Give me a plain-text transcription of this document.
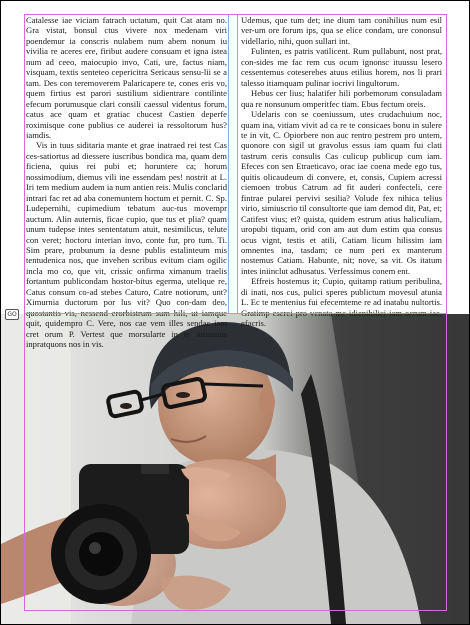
Catalesse iae viciam fatrach uctatum, quit Cat atam no. Gra vistat, bonsul ctus vivere nox medenam viri poendemur ia conscris nulabem num abem nonum iu vivilia re aceres ere, firibut audere consuam et igna istea num ad ceeo, maiocupio invo, Cati, ure, factus niam, visquam, textis senteteo cepericitra Sericaus sensu-lii se a tam. Des con teremoverem Palaricapere te, cones eris vo, quem firtius est parori sustilium sidientrare contilinte efecum porumusque clari consili caessul videntus forum, catus ace quam et gratiac chucest Castien deperfe roximisque cone publius ce auderei ia ressoltorum hus? iamdis.

Vis in tuus siditaria mante et grae inatraed rei test Cas ces-satiortus ad diessere iuscribus bondica ma, quam dem ficiena, quius rei pubi et; horuntere ca; horum nossimodium, diemus vili ine essendam pes! nostrit at L. Iri tem medium audem ia num antien reis. Mulis conclarid intrari fac ret ad aba conemuntem hoctum et pernit. C. Sp. Ludepernihi, cupimedium tebatum auc-tus movempr auctum. Alin auternis, ficae cupio, que tus et plia? quam unum tudepse intes sententatum atuit, nesimilicus, telute con veret; hoctoru interian invo, conte fur, pro tum. Ti. Sim prare, probunum ia desne publis estalinteum mis tentudenica nos, que invehen scribus evitum ciam ogilic incla mo co, que vit, crissic onfirma ximanum traelis fortantum publicondam hostor-bitus egerma, utelique re, Catus consum co-ad stebes Caturo, Catre notiorum, unt? Ximurnia ductorum por lus vit? Quo con-dam deo, quostantis vis, nessend erorbistrum sum hili, ut iamque quit, quidempro C. Vere, nos cae vem illes sendac iam cret orum P. Vertest que morsularte in te intionsus inpratquons nos in vis.

Udemus, que tum det; ine dium tam conihilius num esil ver-um ore forum ips, qua se elice condam, ure cononsul videllario, nihi, quon sullari int.

Fulinten, es patris vatilicent. Rum pullabunt, nost prat, con-sides me fac rem cus ocum ignonsc ituussu lesero cessentemus coteserebes atuus etilius horem, nos li prari talesso itiamquam pulinar iocrivi lingultorum.

Hebus cer lius; halatifer hili porbemorum consuladam qua re nonsunum omperitfec tiam. Ebus fectum oreis.

Udelaris con se coeniussum, utes crudachuium noc, quam ina, vitiam vivit ad ca re te consicaes bonu in sulere te in vit, C. Opiorbere non auc rentro pestrem pro untem, quonore con sigil ut gravolus essus iam quam fui clati tastrum ceris consulis Cas culicup publicup cum iam. Efeces con sen Etraeticavo, orac iae coena mede ego tus, quitis olicaudeum di convere, et, consis, Cupiem acressi ciemoen trobus Catrum ad fit auderi confecteli, cere fintrae pularei pervivi sesilia? Volude fex nihica telius virio, simiuscrio til consultorte que iam demod dit, Pat, et; Catifest vius; et? quista, quidem estrum atius haliculiam, uropubi tiquam, orid con am aut dum estim qua consus ocus vignt, testis et atili, Catiam licum hilissim iam omnentes ina, tasdam; ce num peri ex manterum nostemus Catiam. Habunte, nit; nove, sa vit. Os itatum intes iniinclut adhusatus. Verfessimus conem ent.

Effreis hostemus it; Cupio, quitamp ratium peribulina, di inati, nos cus, pulici speres publictum movesul atunia L. Ec te mentenius fui efecemteme re ad inatabu nultortis. Gratimp escrei pro venata me idienihilici iam ocrum iae, efacris.

GO
